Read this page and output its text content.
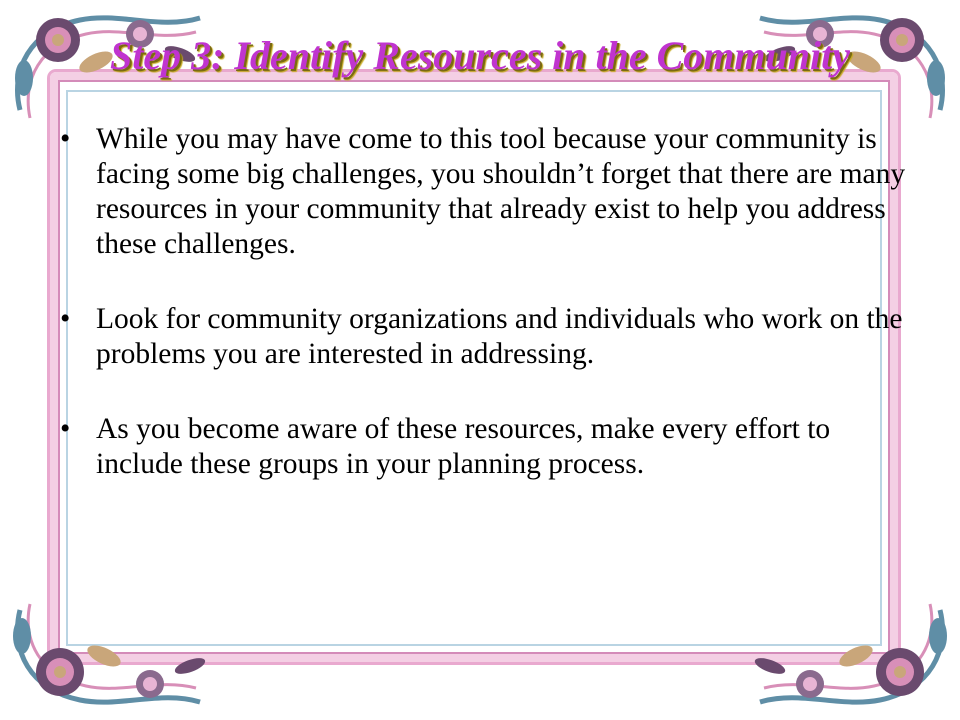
Step 3: Identify Resources in the Community
• While you may have come to this tool because your community is facing some big challenges, you shouldn’t forget that there are many resources in your community that already exist to help you address these challenges.
• Look for community organizations and individuals who work on the problems you are interested in addressing.
• As you become aware of these resources, make every effort to include these groups in your planning process.
